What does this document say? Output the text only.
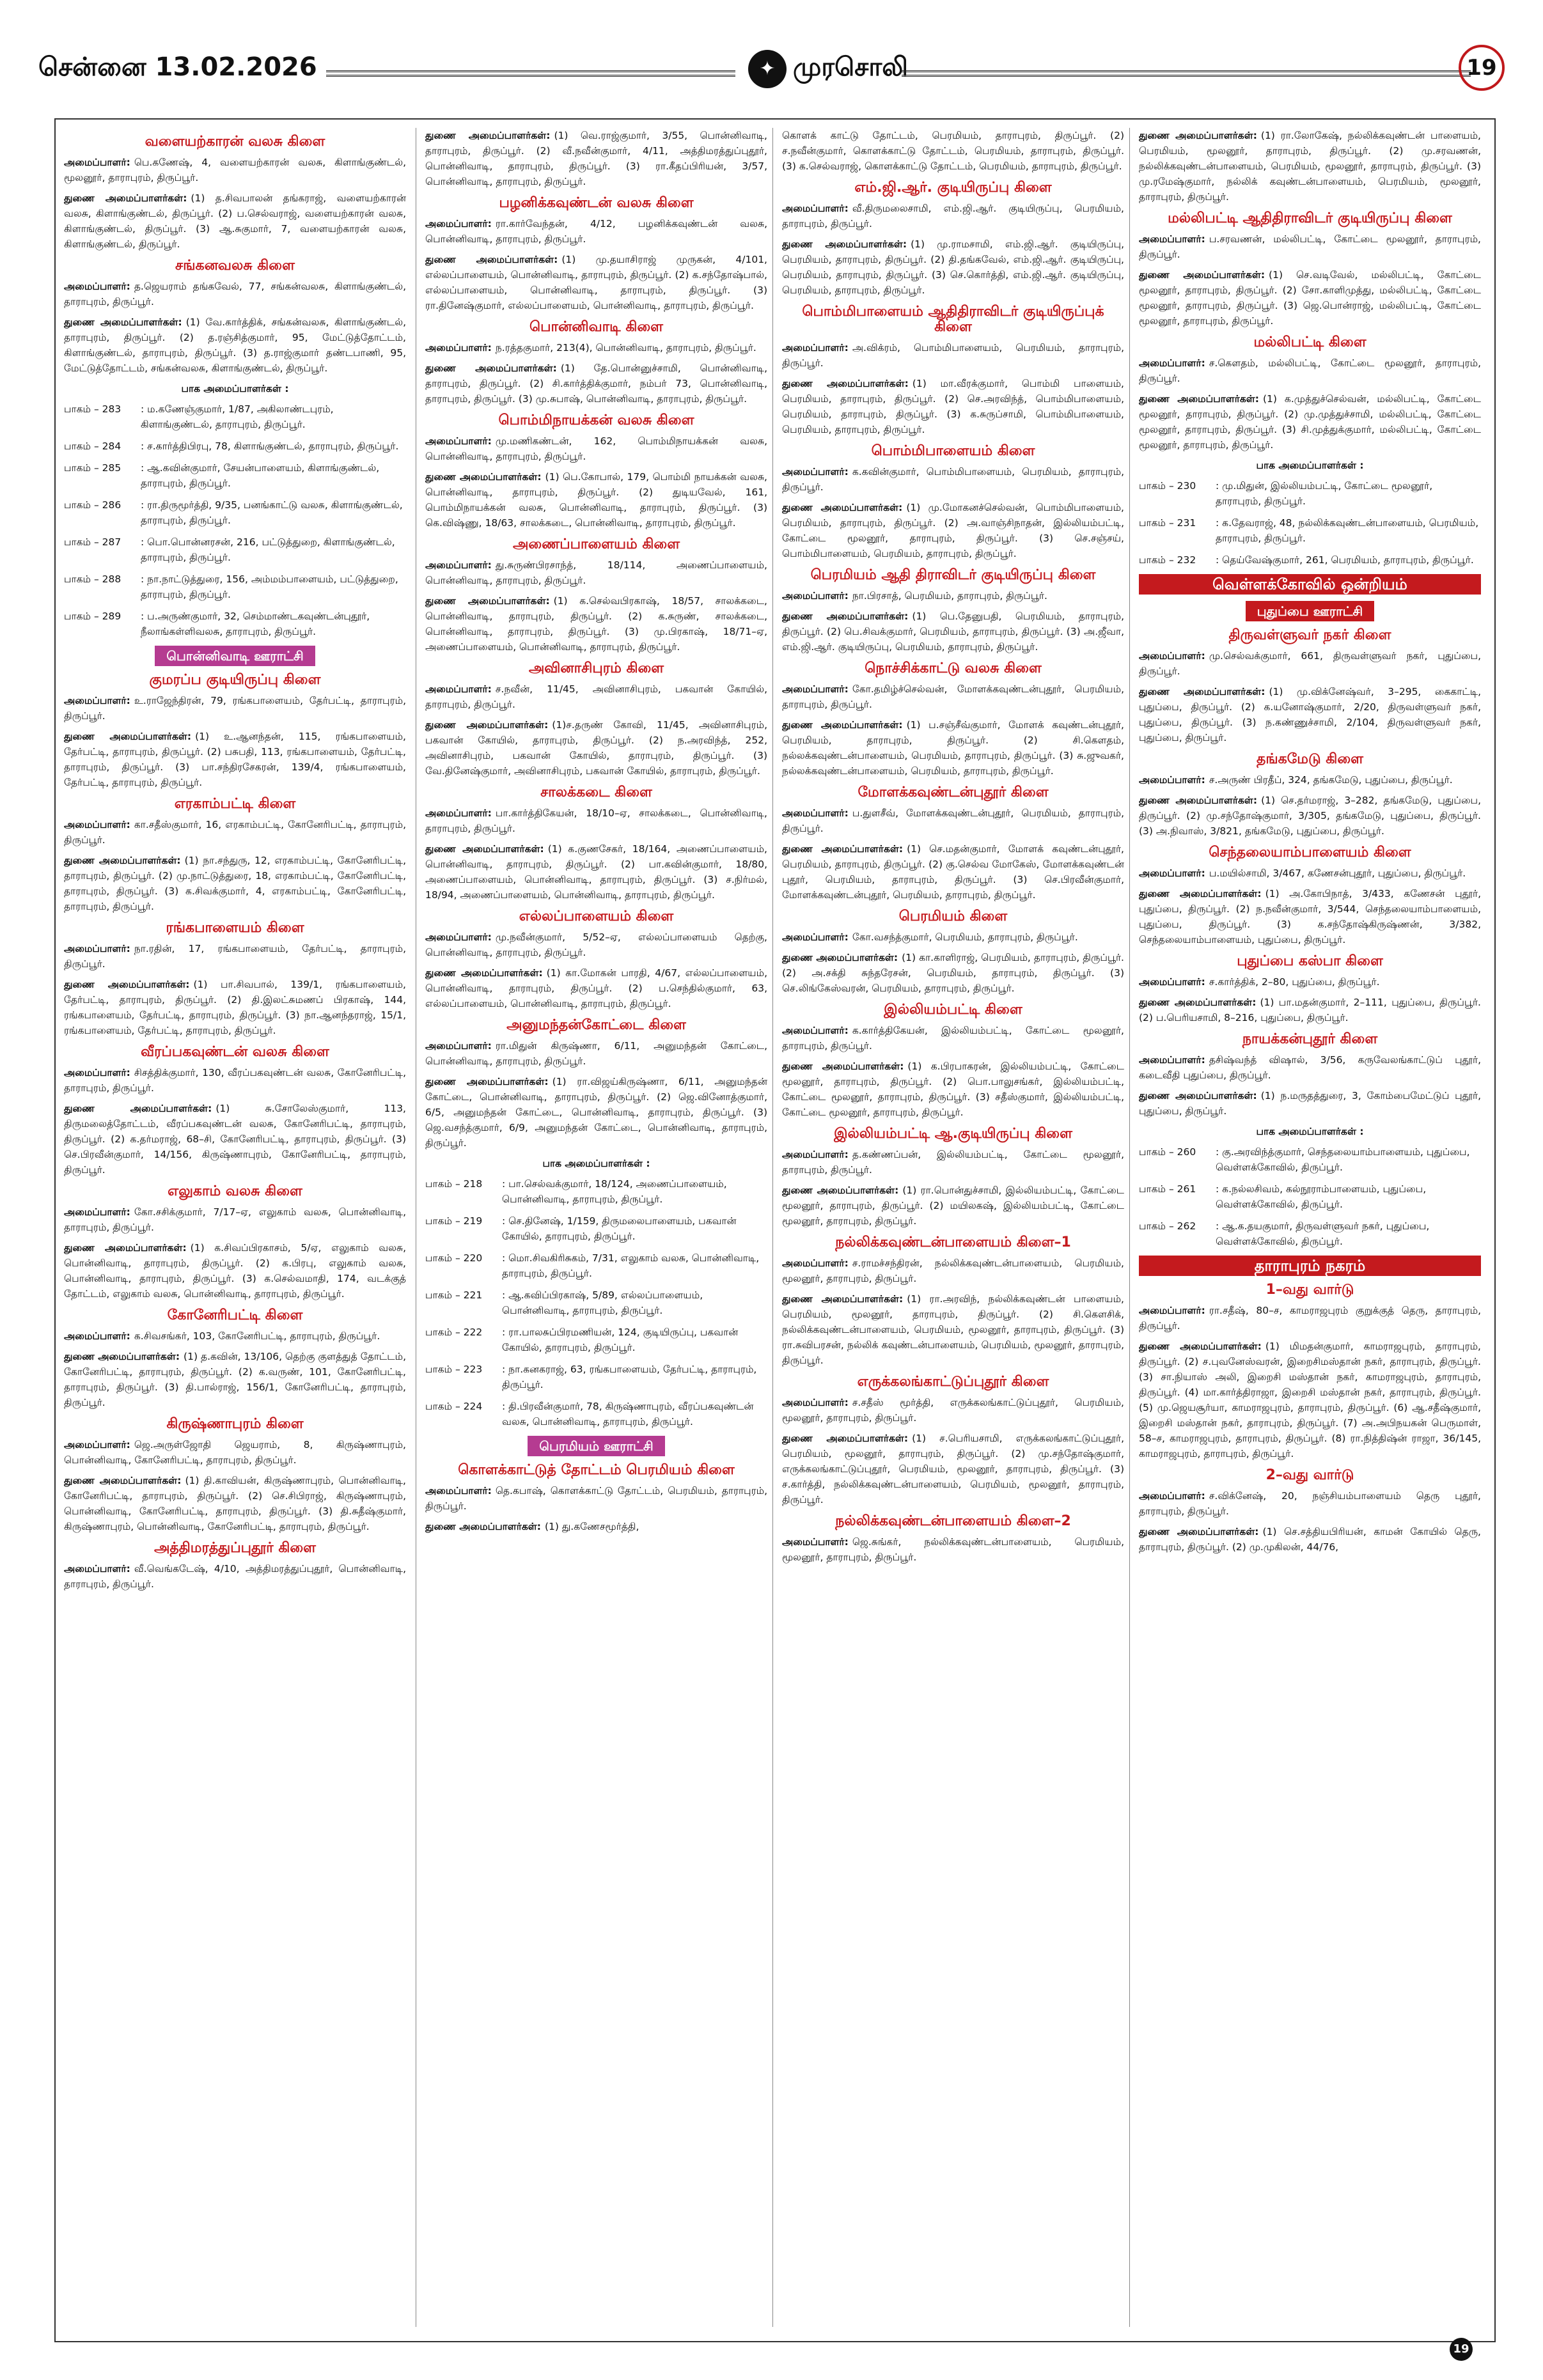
சென்னை 13.02.2026	✦ முரசொலி	19
வளையற்காரன் வலசு கிளை

அமைப்பாளர்: பெ.கணேஷ், 4, வளையற்காரன் வலசு, கிளாங்குண்டல், மூலனூர், தாராபுரம், திருப்பூர்.

துணை அமைப்பாளர்கள்: (1) த.சிவபாலன் தங்கராஜ், வளையற்காரன் வலசு, கிளாங்குண்டல், திருப்பூர். (2) ப.செல்வராஜ், வளையற்காரன் வலசு, கிளாங்குண்டல், திருப்பூர். (3) ஆ.சுகுமார், 7, வளையற்காரன் வலசு, கிளாங்குண்டல், திருப்பூர்.

சங்கனவலசு கிளை

அமைப்பாளர்: த.ஜெயராம் தங்கவேல், 77, சங்கன்வலசு, கிளாங்குண்டல், தாராபுரம், திருப்பூர்.

துணை அமைப்பாளர்கள்: (1) வே.கார்த்திக், சங்கன்வலசு, கிளாங்குண்டல், தாராபுரம், திருப்பூர். (2) த.ரஞ்சித்குமார், 95, மேட்டுத்தோட்டம், கிளாங்குண்டல், தாராபுரம், திருப்பூர். (3) த.ராஜ்குமார் தண்டபாணி, 95, மேட்டுத்தோட்டம், சங்கன்வலசு, கிளாங்குண்டல், திருப்பூர்.

பாக அமைப்பாளர்கள் :
பாகம் – 283	: ம.கணேஞ்குமார், 1/87, அகிலாண்டபுரம், கிளாங்குண்டல், தாராபுரம், திருப்பூர்.
பாகம் – 284	: ச.கார்த்திபிரபு, 78, கிளாங்குண்டல், தாராபுரம், திருப்பூர்.
பாகம் – 285	: ஆ.கவின்குமார், சேயன்பாளையம், கிளாங்குண்டல், தாராபுரம், திருப்பூர்.
பாகம் – 286	: ரா.திருமூர்த்தி, 9/35, பனங்காட்டு வலசு, கிளாங்குண்டல், தாராபுரம், திருப்பூர்.
பாகம் – 287	: பொ.பொன்னரசன், 216, பட்டுத்துறை, கிளாங்குண்டல், தாராபுரம், திருப்பூர்.
பாகம் – 288	: நா.நாட்டுத்துரை, 156, அம்மம்பாளையம், பட்டுத்துறை, தாராபுரம், திருப்பூர்.
பாகம் – 289	: ப.அருண்குமார், 32, செம்மாண்டகவுண்டன்புதூர், நீலாங்கள்ளிவலசு, தாராபுரம், திருப்பூர்.
பொன்னிவாடி ஊராட்சி
குமரப்ப குடியிருப்பு கிளை

அமைப்பாளர்: உ.ராஜேந்திரன், 79, ரங்கபாளையம், தேர்பட்டி, தாராபுரம், திருப்பூர்.

துணை அமைப்பாளர்கள்: (1) உ.ஆனந்தன், 115, ரங்கபாளையம், தேர்பட்டி, தாராபுரம், திருப்பூர். (2) பசுபதி, 113, ரங்கபாளையம், தேர்பட்டி, தாராபுரம், திருப்பூர். (3) பா.சந்திரசேகரன், 139/4, ரங்கபாளையம், தேர்பட்டி, தாராபுரம், திருப்பூர்.

எரகாம்பட்டி கிளை

அமைப்பாளர்: கா.சதீஸ்குமார், 16, எரகாம்பட்டி, கோனேரிபட்டி, தாராபுரம், திருப்பூர்.

துணை அமைப்பாளர்கள்: (1) நா.சந்துரு, 12, எரகாம்பட்டி, கோனேரிபட்டி, தாராபுரம், திருப்பூர். (2) மு.நாட்டுத்துரை, 18, எரகாம்பட்டி, கோனேரிபட்டி, தாராபுரம், திருப்பூர். (3) க.சிவக்குமார், 4, எரகாம்பட்டி, கோனேரிபட்டி, தாராபுரம், திருப்பூர்.

ரங்கபாளையம் கிளை

அமைப்பாளர்: நா.ரதின், 17, ரங்கபாளையம், தேர்பட்டி, தாராபுரம், திருப்பூர்.

துணை அமைப்பாளர்கள்: (1) பா.சிவபால், 139/1, ரங்கபாளையம், தேர்பட்டி, தாராபுரம், திருப்பூர். (2) தி.இலட்சுமணப் பிரகாஷ், 144, ரங்கபாளையம், தேர்பட்டி, தாராபுரம், திருப்பூர். (3) நா.ஆனந்தராஜ், 15/1, ரங்கபாளையம், தேர்பட்டி, தாராபுரம், திருப்பூர்.

வீரப்பகவுண்டன் வலசு கிளை

அமைப்பாளர்: சிசத்திக்குமார், 130, வீரப்பகவுண்டன் வலசு, கோனேரிபட்டி, தாராபுரம், திருப்பூர்.

துணை அமைப்பாளர்கள்: (1) சு.சோலேஸ்குமார், 113, திருமலைத்தோட்டம், வீரப்பகவுண்டன் வலசு, கோனேரிபட்டி, தாராபுரம், திருப்பூர். (2) க.தர்மராஜ், 68–சி, கோனேரிபட்டி, தாராபுரம், திருப்பூர். (3) செ.பிரவீன்குமார், 14/156, கிருஷ்ணாபுரம், கோனேரிபட்டி, தாராபுரம், திருப்பூர்.

எலுகாம் வலசு கிளை

அமைப்பாளர்: கோ.சசிக்குமார், 7/17–ஏ, எலுகாம் வலசு, பொன்னிவாடி, தாராபுரம், திருப்பூர்.

துணை அமைப்பாளர்கள்: (1) க.சிவப்பிரகாசம், 5/ஏ, எலுகாம் வலசு, பொன்னிவாடி, தாராபுரம், திருப்பூர். (2) க.பிரபு, எலுகாம் வலசு, பொன்னிவாடி, தாராபுரம், திருப்பூர். (3) க.செல்வமாதி, 174, வடக்குத் தோட்டம், எலுகாம் வலசு, பொன்னிவாடி, தாராபுரம், திருப்பூர்.

கோனேரிபட்டி கிளை

அமைப்பாளர்: க.சிவசங்கர், 103, கோனேரிபட்டி, தாராபுரம், திருப்பூர்.

துணை அமைப்பாளர்கள்: (1) த.கவின், 13/106, தெற்கு குளத்துத் தோட்டம், கோனேரிபட்டி, தாராபுரம், திருப்பூர். (2) க.வருண், 101, கோனேரிபட்டி, தாராபுரம், திருப்பூர். (3) தி.பால்ராஜ், 156/1, கோனேரிபட்டி, தாராபுரம், திருப்பூர்.

கிருஷ்ணாபுரம் கிளை

அமைப்பாளர்: ஜெ.அருள்ஜோதி ஜெயராம், 8, கிருஷ்ணாபுரம், பொன்னிவாடி, கோனேரிபட்டி, தாராபுரம், திருப்பூர்.

துணை அமைப்பாளர்கள்: (1) தி.காவியன், கிருஷ்ணாபுரம், பொன்னிவாடி, கோனேரிபட்டி, தாராபுரம், திருப்பூர். (2) செ.சிபிராஜ், கிருஷ்ணாபுரம், பொன்னிவாடி, கோனேரிபட்டி, தாராபுரம், திருப்பூர். (3) தி.சுதீஷ்குமார், கிருஷ்ணாபுரம், பொன்னிவாடி, கோனேரிபட்டி, தாராபுரம், திருப்பூர்.

அத்திமரத்துப்புதூர் கிளை

அமைப்பாளர்: வீ.வெங்கடேஷ், 4/10, அத்திமரத்துப்புதூர், பொன்னிவாடி, தாராபுரம், திருப்பூர்.

துணை அமைப்பாளர்கள்: (1) வெ.ராஜ்குமார், 3/55, பொன்னிவாடி, தாராபுரம், திருப்பூர். (2) வீ.நவீன்குமார், 4/11, அத்திமரத்துப்புதூர், பொன்னிவாடி, தாராபுரம், திருப்பூர். (3) ரா.கீதப்பிரியன், 3/57, பொன்னிவாடி, தாராபுரம், திருப்பூர்.

பழனிக்கவுண்டன் வலசு கிளை

அமைப்பாளர்: ரா.கார்வேந்தன், 4/12, பழனிக்கவுண்டன் வலசு, பொன்னிவாடி, தாராபுரம், திருப்பூர்.

துணை அமைப்பாளர்கள்: (1) மு.தயாசிராஜ் முருகன், 4/101, எல்லப்பாளையம், பொன்னிவாடி, தாராபுரம், திருப்பூர். (2) க.சந்தோஷ்பால், எல்லப்பாளையம், பொன்னிவாடி, தாராபுரம், திருப்பூர். (3) ரா.தினேஷ்குமார், எல்லப்பாளையம், பொன்னிவாடி, தாராபுரம், திருப்பூர்.

பொன்னிவாடி கிளை

அமைப்பாளர்: ந.ரத்தகுமார், 213(4), பொன்னிவாடி, தாராபுரம், திருப்பூர்.

துணை அமைப்பாளர்கள்: (1) தே.பொன்னுச்சாமி, பொன்னிவாடி, தாராபுரம், திருப்பூர். (2) சி.கார்த்திக்குமார், நம்பர் 73, பொன்னிவாடி, தாராபுரம், திருப்பூர். (3) மு.சுபாஷ், பொன்னிவாடி, தாராபுரம், திருப்பூர்.

பொம்மிநாயக்கன் வலசு கிளை

அமைப்பாளர்: மு.மணிகண்டன், 162, பொம்மிநாயக்கன் வலசு, பொன்னிவாடி, தாராபுரம், திருப்பூர்.

துணை அமைப்பாளர்கள்: (1) பெ.கோபால், 179, பொம்மி நாயக்கன் வலசு, பொன்னிவாடி, தாராபுரம், திருப்பூர். (2) துடியவேல், 161, பொம்மிநாயக்கன் வலசு, பொன்னிவாடி, தாராபுரம், திருப்பூர். (3) கெ.விஷ்ணு, 18/63, சாலக்கடை, பொன்னிவாடி, தாராபுரம், திருப்பூர்.

அணைப்பாளையம் கிளை

அமைப்பாளர்: து.சுருண்பிரசாந்த், 18/114, அணைப்பாளையம், பொன்னிவாடி, தாராபுரம், திருப்பூர்.

துணை அமைப்பாளர்கள்: (1) க.செல்வபிரகாஷ், 18/57, சாலக்கடை, பொன்னிவாடி, தாராபுரம், திருப்பூர். (2) க.சுருண், சாலக்கடை, பொன்னிவாடி, தாராபுரம், திருப்பூர். (3) மு.பிரகாஷ், 18/71–ஏ, அணைப்பாளையம், பொன்னிவாடி, தாராபுரம், திருப்பூர்.

அவினாசிபுரம் கிளை

அமைப்பாளர்: ச.நவீன், 11/45, அவினாசிபுரம், பகவான் கோயில், தாராபுரம், திருப்பூர்.

துணை அமைப்பாளர்கள்: (1)ச.தருண் கோவி, 11/45, அவினாசிபுரம், பகவான் கோயில், தாராபுரம், திருப்பூர். (2) ந.அரவிந்த், 252, அவினாசிபுரம், பகவான் கோயில், தாராபுரம், திருப்பூர். (3) வே.தினேஷ்குமார், அவினாசிபுரம், பகவான் கோயில், தாராபுரம், திருப்பூர்.

சாலக்கடை கிளை

அமைப்பாளர்: பா.கார்த்திகேயன், 18/10–ஏ, சாலக்கடை, பொன்னிவாடி, தாராபுரம், திருப்பூர்.

துணை அமைப்பாளர்கள்: (1) க.குணசேகர், 18/164, அணைப்பாளையம், பொன்னிவாடி, தாராபுரம், திருப்பூர். (2) பா.கவின்குமார், 18/80, அணைப்பாளையம், பொன்னிவாடி, தாராபுரம், திருப்பூர். (3) ச.நிர்மல், 18/94, அணைப்பாளையம், பொன்னிவாடி, தாராபுரம், திருப்பூர்.

எல்லப்பாளையம் கிளை

அமைப்பாளர்: மு.நவீன்குமார், 5/52–ஏ, எல்லப்பாளையம் தெற்கு, பொன்னிவாடி, தாராபுரம், திருப்பூர்.

துணை அமைப்பாளர்கள்: (1) கா.மோகன் பாரதி, 4/67, எல்லப்பாளையம், பொன்னிவாடி, தாராபுரம், திருப்பூர். (2) ப.செந்தில்குமார், 63, எல்லப்பாளையம், பொன்னிவாடி, தாராபுரம், திருப்பூர்.

அனுமந்தன்கோட்டை கிளை

அமைப்பாளர்: ரா.மிதுன் கிருஷ்ணா, 6/11, அனுமந்தன் கோட்டை, பொன்னிவாடி, தாராபுரம், திருப்பூர்.

துணை அமைப்பாளர்கள்: (1) ரா.விஜய்கிருஷ்ணா, 6/11, அனுமந்தன் கோட்டை, பொன்னிவாடி, தாராபுரம், திருப்பூர். (2) ஜெ.வினோத்குமார், 6/5, அனுமந்தன் கோட்டை, பொன்னிவாடி, தாராபுரம், திருப்பூர். (3) ஜெ.வசந்த்குமார், 6/9, அனுமந்தன் கோட்டை, பொன்னிவாடி, தாராபுரம், திருப்பூர்.

பாக அமைப்பாளர்கள் :
பாகம் – 218	: பா.செல்வக்குமார், 18/124, அணைப்பாளையம், பொன்னிவாடி, தாராபுரம், திருப்பூர்.
பாகம் – 219	: செ.தினேஷ், 1/159, திருமலைபாளையம், பகவான் கோயில், தாராபுரம், திருப்பூர்.
பாகம் – 220	: மொ.சிவகிரிசுகம், 7/31, எலுகாம் வலசு, பொன்னிவாடி, தாராபுரம், திருப்பூர்.
பாகம் – 221	: ஆ.கவிப்பிரகாஷ், 5/89, எல்லப்பாளையம், பொன்னிவாடி, தாராபுரம், திருப்பூர்.
பாகம் – 222	: ரா.பாலசுப்பிரமணியன், 124, குடியிருப்பு, பகவான் கோயில், தாராபுரம், திருப்பூர்.
பாகம் – 223	: நா.கனகராஜ், 63, ரங்கபாளையம், தேர்பட்டி, தாராபுரம், திருப்பூர்.
பாகம் – 224	: தி.பிரவீன்குமார், 78, கிருஷ்ணாபுரம், வீரப்பகவுண்டன் வலசு, பொன்னிவாடி, தாராபுரம், திருப்பூர்.
பெரமியம் ஊராட்சி
கொளக்காட்டுத் தோட்டம் பெரமியம் கிளை

அமைப்பாளர்: தெ.கபாஷ், கொளக்காட்டு தோட்டம், பெரமியம், தாராபுரம், திருப்பூர்.

துணை அமைப்பாளர்கள்: (1) து.கணேசமூர்த்தி,

கொளக் காட்டு தோட்டம், பெரமியம், தாராபுரம், திருப்பூர். (2) ச.நவீன்குமார், கொளக்காட்டு தோட்டம், பெரமியம், தாராபுரம், திருப்பூர். (3) க.செல்வராஜ், கொளக்காட்டு தோட்டம், பெரமியம், தாராபுரம், திருப்பூர்.

எம்.ஜி.ஆர். குடியிருப்பு கிளை

அமைப்பாளர்: வீ.திருமலைசாமி, எம்.ஜி.ஆர். குடியிருப்பு, பெரமியம், தாராபுரம், திருப்பூர்.

துணை அமைப்பாளர்கள்: (1) மு.ராமசாமி, எம்.ஜி.ஆர். குடியிருப்பு, பெரமியம், தாராபுரம், திருப்பூர். (2) தி.தங்கவேல், எம்.ஜி.ஆர். குடியிருப்பு, பெரமியம், தாராபுரம், திருப்பூர். (3) செ.கொர்த்தி, எம்.ஜி.ஆர். குடியிருப்பு, பெரமியம், தாராபுரம், திருப்பூர்.

பொம்மிபாளையம் ஆதிதிராவிடர் குடியிருப்புக் கிளை

அமைப்பாளர்: அ.விக்ரம், பொம்மிபாளையம், பெரமியம், தாராபுரம், திருப்பூர்.

துணை அமைப்பாளர்கள்: (1) மா.வீரக்குமார், பொம்மி பாளையம், பெரமியம், தாராபுரம், திருப்பூர். (2) செ.அரவிந்த், பொம்மிபாளையம், பெரமியம், தாராபுரம், திருப்பூர். (3) க.சுருப்சாமி, பொம்மிபாளையம், பெரமியம், தாராபுரம், திருப்பூர்.

பொம்மிபாளையம் கிளை

அமைப்பாளர்: க.கவின்குமார், பொம்மிபாளையம், பெரமியம், தாராபுரம், திருப்பூர்.

துணை அமைப்பாளர்கள்: (1) மு.மோகனச்செல்வன், பொம்மிபாளையம், பெரமியம், தாராபுரம், திருப்பூர். (2) அ.வாஞ்சிநாதன், இல்லியம்பட்டி, கோட்டை மூலனூர், தாராபுரம், திருப்பூர். (3) செ.சஞ்சய், பொம்மிபாளையம், பெரமியம், தாராபுரம், திருப்பூர்.

பெரமியம் ஆதி திராவிடர் குடியிருப்பு கிளை

அமைப்பாளர்: நா.பிரசாத், பெரமியம், தாராபுரம், திருப்பூர்.

துணை அமைப்பாளர்கள்: (1) பெ.தேனுபதி, பெரமியம், தாராபுரம், திருப்பூர். (2) பெ.சிவக்குமார், பெரமியம், தாராபுரம், திருப்பூர். (3) அ.ஜீவா, எம்.ஜி.ஆர். குடியிருப்பு, பெரமியம், தாராபுரம், திருப்பூர்.

நொச்சிக்காட்டு வலசு கிளை

அமைப்பாளர்: கோ.தமிழ்ச்செல்வன், மோளக்கவுண்டன்புதூர், பெரமியம், தாராபுரம், திருப்பூர்.

துணை அமைப்பாளர்கள்: (1) ப.சஞ்சீவ்குமார், மோளக் கவுண்டன்புதூர், பெரமியம், தாராபுரம், திருப்பூர். (2) சி.கௌதம், நல்லக்கவுண்டன்பாளையம், பெரமியம், தாராபுரம், திருப்பூர். (3) சு.ஜுவகர், நல்லக்கவுண்டன்பாளையம், பெரமியம், தாராபுரம், திருப்பூர்.

மோளக்கவுண்டன்புதூர் கிளை

அமைப்பாளர்: ப.துளசீவ், மோளக்கவுண்டன்புதூர், பெரமியம், தாராபுரம், திருப்பூர்.

துணை அமைப்பாளர்கள்: (1) செ.மதன்குமார், மோளக் கவுண்டன்புதூர், பெரமியம், தாராபுரம், திருப்பூர். (2) கு.செல்வ மோகேஸ், மோளக்கவுண்டன் புதூர், பெரமியம், தாராபுரம், திருப்பூர். (3) செ.பிரவீன்குமார், மோளக்கவுண்டன்புதூர், பெரமியம், தாராபுரம், திருப்பூர்.

பெரமியம் கிளை

அமைப்பாளர்: கோ.வசந்த்குமார், பெரமியம், தாராபுரம், திருப்பூர்.

துணை அமைப்பாளர்கள்: (1) கா.காளிராஜ், பெரமியம், தாராபுரம், திருப்பூர். (2) அ.சக்தி சுந்தரேசன், பெரமியம், தாராபுரம், திருப்பூர். (3) செ.லிங்கேஸ்வரன், பெரமியம், தாராபுரம், திருப்பூர்.

இல்லியம்பட்டி கிளை

அமைப்பாளர்: க.கார்த்திகேயன், இல்லியம்பட்டி, கோட்டை மூலனூர், தாராபுரம், திருப்பூர்.

துணை அமைப்பாளர்கள்: (1) க.பிரபாகரன், இல்லியம்பட்டி, கோட்டை மூலனூர், தாராபுரம், திருப்பூர். (2) பொ.பாலுசங்கர், இல்லியம்பட்டி, கோட்டை மூலனூர், தாராபுரம், திருப்பூர். (3) சதீஸ்குமார், இல்லியம்பட்டி, கோட்டை மூலனூர், தாராபுரம், திருப்பூர்.

இல்லியம்பட்டி ஆ.குடியிருப்பு கிளை

அமைப்பாளர்: த.கண்ணப்பன், இல்லியம்பட்டி, கோட்டை மூலனூர், தாராபுரம், திருப்பூர்.

துணை அமைப்பாளர்கள்: (1) ரா.பொன்துச்சாமி, இல்லியம்பட்டி, கோட்டை மூலனூர், தாராபுரம், திருப்பூர். (2) மயிலகஷ், இல்லியம்பட்டி, கோட்டை மூலனூர், தாராபுரம், திருப்பூர்.

நல்லிக்கவுண்டன்பாளையம் கிளை–1

அமைப்பாளர்: ச.ராமச்சந்திரன், நல்லிக்கவுண்டன்பாளையம், பெரமியம், மூலனூர், தாராபுரம், திருப்பூர்.

துணை அமைப்பாளர்கள்: (1) ரா.அரவிந், நல்லிக்கவுண்டன் பாளையம், பெரமியம், மூலனூர், தாராபுரம், திருப்பூர். (2) சி.கௌசிக், நல்லிக்கவுண்டன்பாளையம், பெரமியம், மூலனூர், தாராபுரம், திருப்பூர். (3) ரா.சுவிபரசன், நல்லிக் கவுண்டன்பாளையம், பெரமியம், மூலனூர், தாராபுரம், திருப்பூர்.

எருக்கலங்காட்டுப்புதூர் கிளை

அமைப்பாளர்: ச.சதீஸ் மூர்த்தி, எருக்கலங்காட்டுப்புதூர், பெரமியம், மூலனூர், தாராபுரம், திருப்பூர்.

துணை அமைப்பாளர்கள்: (1) ச.பெரியசாமி, எருக்கலங்காட்டுப்புதூர், பெரமியம், மூலனூர், தாராபுரம், திருப்பூர். (2) மு.சந்தோஷ்குமார், எருக்கலங்காட்டுப்புதூர், பெரமியம், மூலனூர், தாராபுரம், திருப்பூர். (3) ச.கார்த்தி, நல்லிக்கவுண்டன்பாளையம், பெரமியம், மூலனூர், தாராபுரம், திருப்பூர்.

நல்லிக்கவுண்டன்பாளையம் கிளை–2

அமைப்பாளர்: ஜெ.சுங்கர், நல்லிக்கவுண்டன்பாளையம், பெரமியம், மூலனூர், தாராபுரம், திருப்பூர்.

துணை அமைப்பாளர்கள்: (1) ரா.லோகேஷ், நல்லிக்கவுண்டன் பாளையம், பெரமியம், மூலனூர், தாராபுரம், திருப்பூர். (2) மு.சரவணன், நல்லிக்கவுண்டன்பாளையம், பெரமியம், மூலனூர், தாராபுரம், திருப்பூர். (3) மு.ரமேஷ்குமார், நல்லிக் கவுண்டன்பாளையம், பெரமியம், மூலனூர், தாராபுரம், திருப்பூர்.

மல்லிபட்டி ஆதிதிராவிடர் குடியிருப்பு கிளை

அமைப்பாளர்: ப.சரவணன், மல்லிபட்டி, கோட்டை மூலனூர், தாராபுரம், திருப்பூர்.

துணை அமைப்பாளர்கள்: (1) செ.வடிவேல், மல்லிபட்டி, கோட்டை மூலனூர், தாராபுரம், திருப்பூர். (2) சோ.காளிமுத்து, மல்லிபட்டி, கோட்டை மூலனூர், தாராபுரம், திருப்பூர். (3) ஜெ.பொன்ராஜ், மல்லிபட்டி, கோட்டை மூலனூர், தாராபுரம், திருப்பூர்.

மல்லிபட்டி கிளை

அமைப்பாளர்: ச.கௌதம், மல்லிபட்டி, கோட்டை மூலனூர், தாராபுரம், திருப்பூர்.

துணை அமைப்பாளர்கள்: (1) க.முத்துச்செல்வன், மல்லிபட்டி, கோட்டை மூலனூர், தாராபுரம், திருப்பூர். (2) மு.முத்துச்சாமி, மல்லிபட்டி, கோட்டை மூலனூர், தாராபுரம், திருப்பூர். (3) சி.முத்துக்குமார், மல்லிபட்டி, கோட்டை மூலனூர், தாராபுரம், திருப்பூர்.

பாக அமைப்பாளர்கள் :
பாகம் – 230	: மு.மிதுன், இல்லியம்பட்டி, கோட்டை மூலனூர், தாராபுரம், திருப்பூர்.
பாகம் – 231	: க.தேவராஜ், 48, நல்லிக்கவுண்டன்பாளையம், பெரமியம், தாராபுரம், திருப்பூர்.
பாகம் – 232	: தெய்வேஷ்குமார், 261, பெரமியம், தாராபுரம், திருப்பூர்.
வெள்ளக்கோவில் ஒன்றியம்
புதுப்பை ஊராட்சி
திருவள்ளுவர் நகர் கிளை

அமைப்பாளர்: மு.செல்வக்குமார், 661, திருவள்ளுவர் நகர், புதுப்பை, திருப்பூர்.

துணை அமைப்பாளர்கள்: (1) மு.விக்னேஷ்வர், 3–295, கைகாட்டி, புதுப்பை, திருப்பூர். (2) க.யனோஷ்குமார், 2/20, திருவள்ளுவர் நகர், புதுப்பை, திருப்பூர். (3) ந.கண்ணுச்சாமி, 2/104, திருவள்ளுவர் நகர், புதுப்பை, திருப்பூர்.

தங்கமேடு கிளை

அமைப்பாளர்: ச.அருண் பிரதீப், 324, தங்கமேடு, புதுப்பை, திருப்பூர்.

துணை அமைப்பாளர்கள்: (1) செ.தர்மராஜ், 3–282, தங்கமேடு, புதுப்பை, திருப்பூர். (2) மு.சந்தோஷ்குமார், 3/305, தங்கமேடு, புதுப்பை, திருப்பூர். (3) அ.நிவாஸ், 3/821, தங்கமேடு, புதுப்பை, திருப்பூர்.

செந்தலையாம்பாளையம் கிளை

அமைப்பாளர்: ப.மயில்சாமி, 3/467, கணேசன்புதூர், புதுப்பை, திருப்பூர்.

துணை அமைப்பாளர்கள்: (1) அ.கோபிநாத், 3/433, கணேசன் புதூர், புதுப்பை, திருப்பூர். (2) ந.நவீன்குமார், 3/544, செந்தலையாம்பாளையம், புதுப்பை, திருப்பூர். (3) க.சந்தோஷ்கிருஷ்ணன், 3/382, செந்தலையாம்பாளையம், புதுப்பை, திருப்பூர்.

புதுப்பை கஸ்பா கிளை

அமைப்பாளர்: ச.கார்த்திக், 2–80, புதுப்பை, திருப்பூர்.

துணை அமைப்பாளர்கள்: (1) பா.மதன்குமார், 2–111, புதுப்பை, திருப்பூர். (2) ப.பெரியசாமி, 8–216, புதுப்பை, திருப்பூர்.

நாயக்கன்புதூர் கிளை

அமைப்பாளர்: தசிஷ்வந்த் விஷால், 3/56, கருவேலங்காட்டுப் புதூர், கடைவீதி புதுப்பை, திருப்பூர்.

துணை அமைப்பாளர்கள்: (1) ந.மருதத்துரை, 3, கோம்பைமேட்டுப் புதூர், புதுப்பை, திருப்பூர்.

பாக அமைப்பாளர்கள் :
பாகம் – 260	: கு.அரவிந்த்குமார், செந்தலையாம்பாளையம், புதுப்பை, வெள்ளக்கோவில், திருப்பூர்.
பாகம் – 261	: க.நல்லசிவம், கல்நூராம்பாளையம், புதுப்பை, வெள்ளக்கோவில், திருப்பூர்.
பாகம் – 262	: ஆ.க.தயகுமார், திருவள்ளுவர் நகர், புதுப்பை, வெள்ளக்கோவில், திருப்பூர்.
தாராபுரம் நகரம்
1–வது வார்டு

அமைப்பாளர்: ரா.சதீஷ், 80–ச, காமராஜபுரம் குறுக்குத் தெரு, தாராபுரம், திருப்பூர்.

துணை அமைப்பாளர்கள்: (1) மிமதன்குமார், காமராஜபுரம், தாராபுரம், திருப்பூர். (2) ச.புவனேஸ்வரன், இறைசிமஸ்தான் நகர், தாராபுரம், திருப்பூர். (3) சா.நியாஸ் அலி, இறைசி மஸ்தான் நகர், காமராஜபுரம், தாராபுரம், திருப்பூர். (4) மா.கார்த்திராஜா, இறைசி மஸ்தான் நகர், தாராபுரம், திருப்பூர். (5) மு.ஜெயசூர்யா, காமராஜபுரம், தாராபுரம், திருப்பூர். (6) ஆ.சதீஷ்குமார், இறைசி மஸ்தான் நகர், தாராபுரம், திருப்பூர். (7) அ.அபிநயகன் பெருமாள், 58–ச, காமராஜபுரம், தாராபுரம், திருப்பூர். (8) ரா.நித்திஷ்ன் ராஜா, 36/145, காமராஜபுரம், தாராபுரம், திருப்பூர்.

2–வது வார்டு

அமைப்பாளர்: ச.விக்னேஷ், 20, நஞ்சியம்பாளையம் தெரு புதூர், தாராபுரம், திருப்பூர்.

துணை அமைப்பாளர்கள்: (1) செ.சத்தியபிரியன், காமன் கோயில் தெரு, தாராபுரம், திருப்பூர். (2) மு.முகிலன், 44/76,

19
